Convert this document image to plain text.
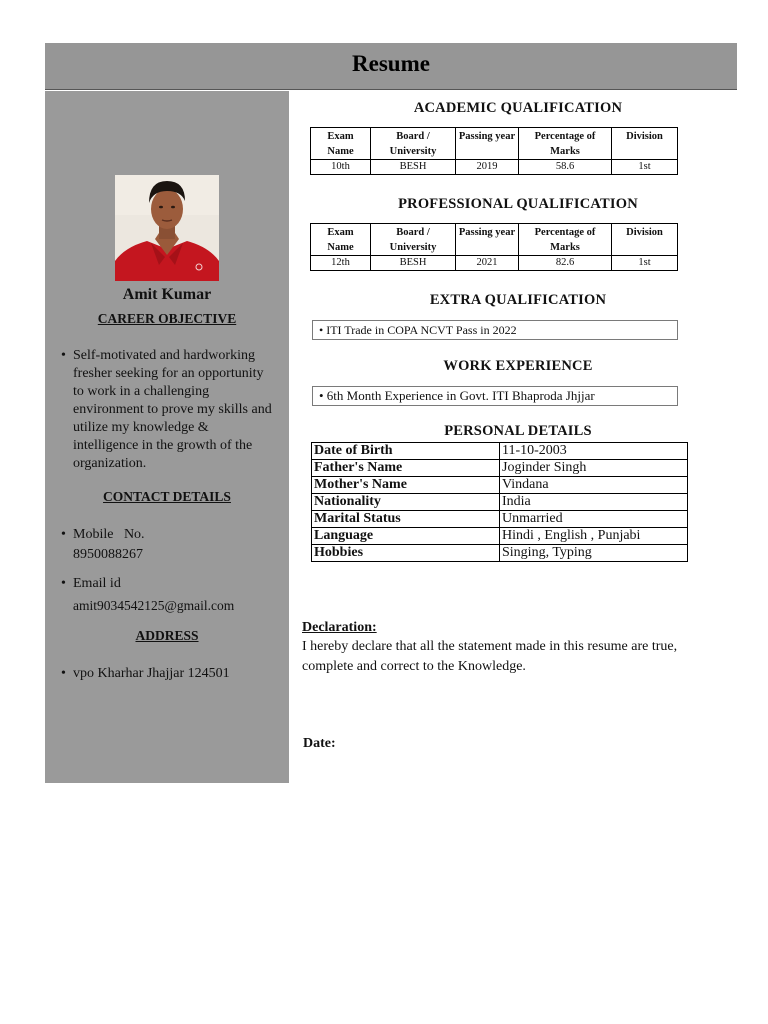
Resume
Amit Kumar
CAREER OBJECTIVE
• Self-motivated and hardworking fresher seeking for an opportunity to work in a challenging environment to prove my skills and utilize my knowledge & intelligence in the growth of the organization.
CONTACT DETAILS
• Mobile   No.
8950088267
• Email id
amit9034542125@gmail.com
ADDRESS
• vpo Kharhar Jhajjar 124501
ACADEMIC QUALIFICATION
Exam Name	Board / University	Passing year	Percentage of Marks	Division
10th	BESH	2019	58.6	1st
PROFESSIONAL QUALIFICATION
Exam Name	Board / University	Passing year	Percentage of Marks	Division
12th	BESH	2021	82.6	1st
EXTRA QUALIFICATION
• ITI Trade in COPA NCVT Pass in 2022
WORK EXPERIENCE
• 6th Month Experience in Govt. ITI Bhaproda Jhjjar
PERSONAL DETAILS
Date of Birth	11-10-2003
Father's Name	Joginder Singh
Mother's Name	Vindana
Nationality	India
Marital Status	Unmarried
Language	Hindi , English , Punjabi
Hobbies	Singing, Typing
Declaration:
I hereby declare that all the statement made in this resume are true, complete and correct to the Knowledge.
Date:
